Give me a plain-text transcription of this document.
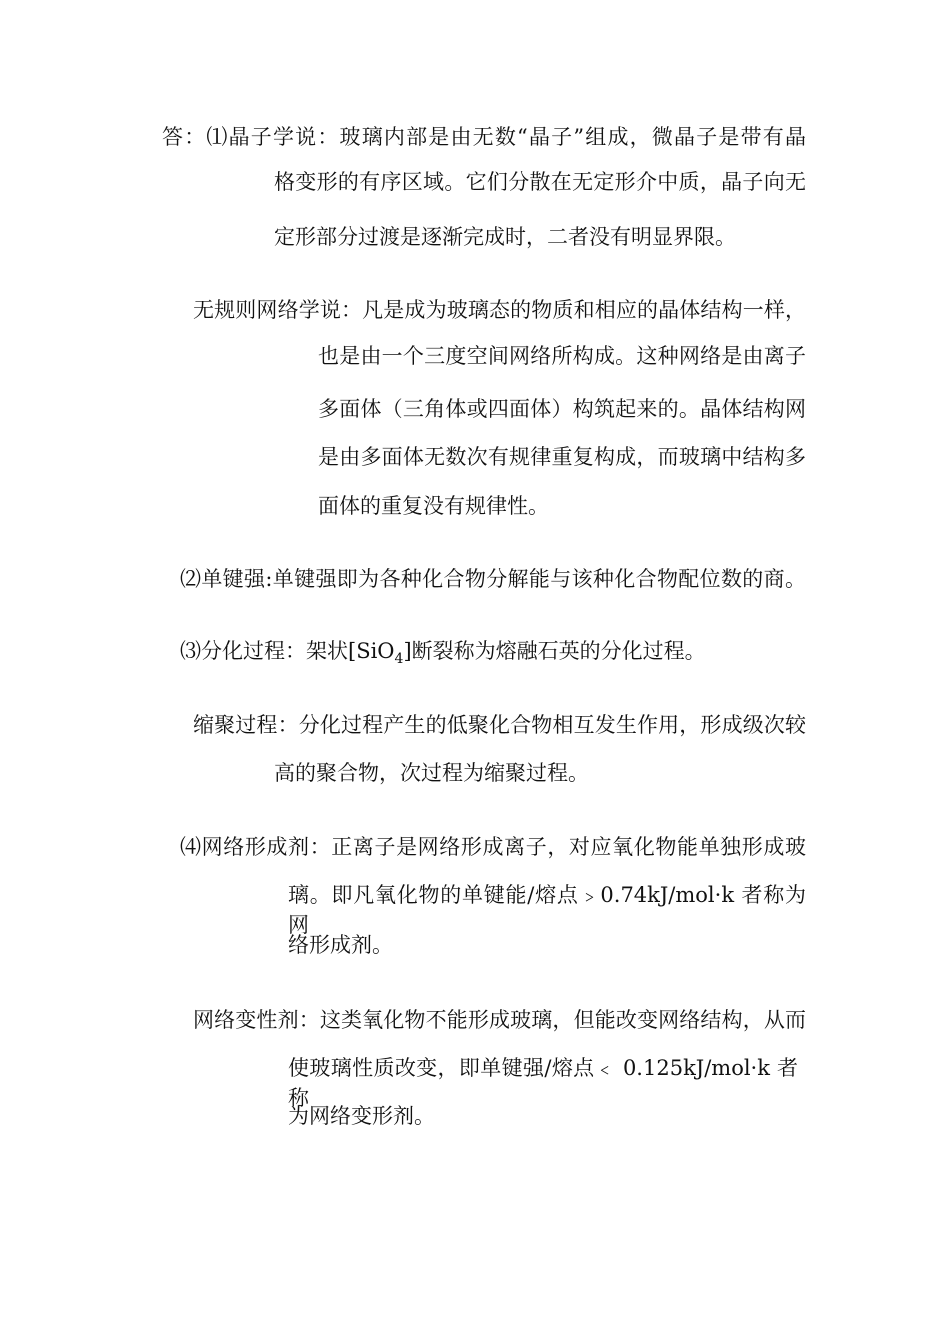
答：⑴晶子学说：玻璃内部是由无数“晶子”组成，微晶子是带有晶
格变形的有序区域。它们分散在无定形介中质，晶子向无
定形部分过渡是逐渐完成时，二者没有明显界限。
无规则网络学说：凡是成为玻璃态的物质和相应的晶体结构一样，
也是由一个三度空间网络所构成。这种网络是由离子
多面体（三角体或四面体）构筑起来的。晶体结构网
是由多面体无数次有规律重复构成，而玻璃中结构多
面体的重复没有规律性。
⑵单键强:单键强即为各种化合物分解能与该种化合物配位数的商。
⑶分化过程：架状[SiO$_4$]断裂称为熔融石英的分化过程。
缩聚过程：分化过程产生的低聚化合物相互发生作用，形成级次较
高的聚合物，次过程为缩聚过程。
⑷网络形成剂：正离子是网络形成离子，对应氧化物能单独形成玻
璃。即凡氧化物的单键能/熔点﹥0.74kJ/mol·k 者称为网
络形成剂。
网络变性剂：这类氧化物不能形成玻璃，但能改变网络结构，从而
使玻璃性质改变，即单键强/熔点﹤ 0.125kJ/mol·k 者称
为网络变形剂。
